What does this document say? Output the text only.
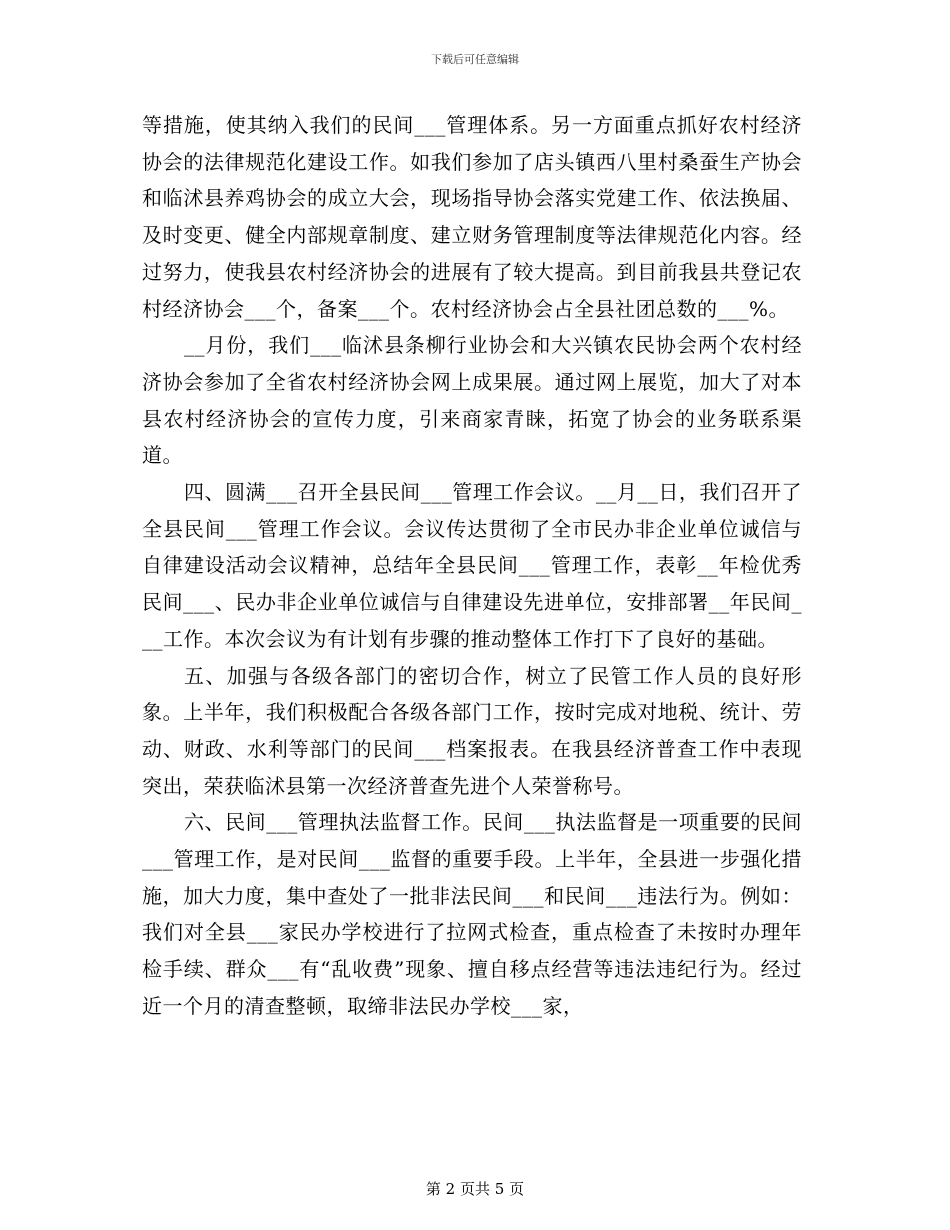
下载后可任意编辑

等措施，使其纳入我们的民间___管理体系。另一方面重点抓好农村经济协会的法律规范化建设工作。如我们参加了店头镇西八里村桑蚕生产协会和临沭县养鸡协会的成立大会，现场指导协会落实党建工作、依法换届、及时变更、健全内部规章制度、建立财务管理制度等法律规范化内容。经过努力，使我县农村经济协会的进展有了较大提高。到目前我县共登记农村经济协会___个，备案___个。农村经济协会占全县社团总数的___%。

__月份，我们___临沭县条柳行业协会和大兴镇农民协会两个农村经济协会参加了全省农村经济协会网上成果展。通过网上展览，加大了对本县农村经济协会的宣传力度，引来商家青睐，拓宽了协会的业务联系渠道。

四、圆满___召开全县民间___管理工作会议。__月__日，我们召开了全县民间___管理工作会议。会议传达贯彻了全市民办非企业单位诚信与自律建设活动会议精神，总结年全县民间___管理工作，表彰__年检优秀民间___、民办非企业单位诚信与自律建设先进单位，安排部署__年民间___工作。本次会议为有计划有步骤的推动整体工作打下了良好的基础。

五、加强与各级各部门的密切合作，树立了民管工作人员的良好形象。上半年，我们积极配合各级各部门工作，按时完成对地税、统计、劳动、财政、水利等部门的民间___档案报表。在我县经济普查工作中表现突出，荣获临沭县第一次经济普查先进个人荣誉称号。

六、民间___管理执法监督工作。民间___执法监督是一项重要的民间___管理工作，是对民间___监督的重要手段。上半年，全县进一步强化措施，加大力度，集中查处了一批非法民间___和民间___违法行为。例如：我们对全县___家民办学校进行了拉网式检查，重点检查了未按时办理年检手续、群众___有“乱收费”现象、擅自移点经营等违法违纪行为。经过近一个月的清查整顿，取缔非法民办学校___家，

第 2 页共 5 页
